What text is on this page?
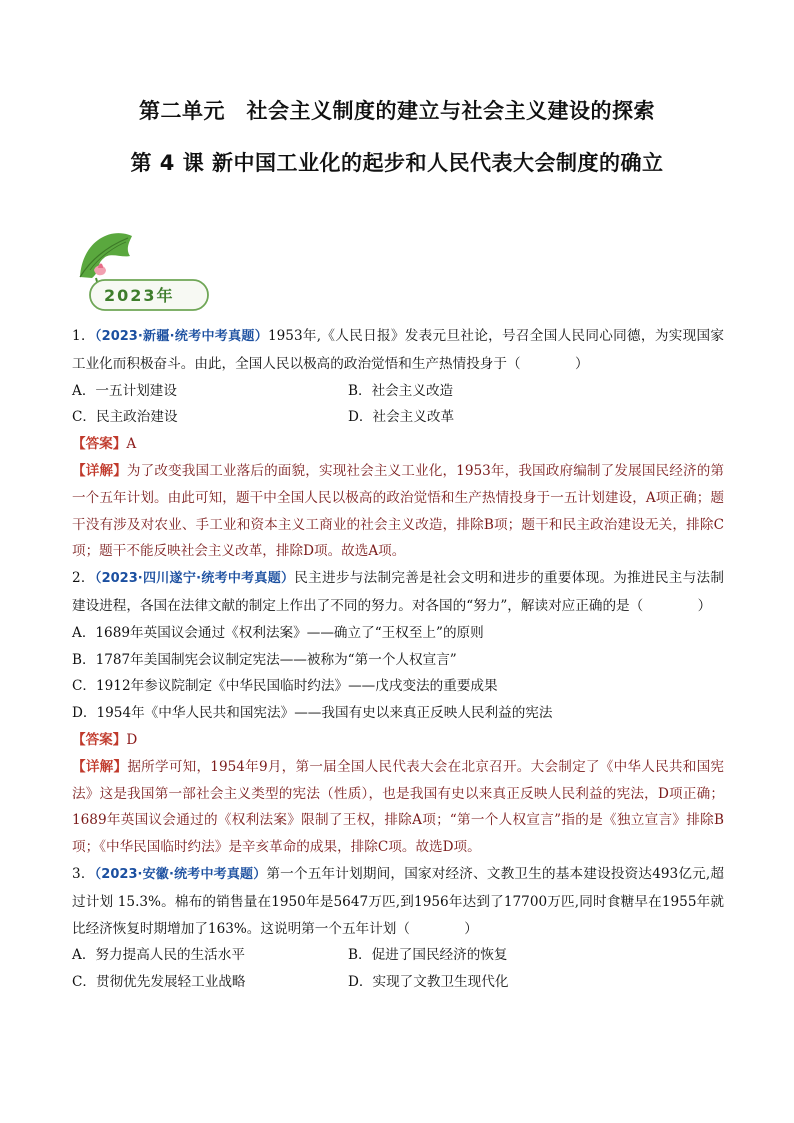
第二单元　社会主义制度的建立与社会主义建设的探索
第 4 课 新中国工业化的起步和人民代表大会制度的确立
2023年

1．（2023·新疆·统考中考真题）1953年,《人民日报》发表元旦社论，号召全国人民同心同德，为实现国家工业化而积极奋斗。由此，全国人民以极高的政治觉悟和生产热情投身于（　　　　）

A．一五计划建设	B．社会主义改造
C．民主政治建设	D．社会主义改革

【答案】A

【详解】为了改变我国工业落后的面貌，实现社会主义工业化，1953年，我国政府编制了发展国民经济的第一个五年计划。由此可知，题干中全国人民以极高的政治觉悟和生产热情投身于一五计划建设，A项正确；题干没有涉及对农业、手工业和资本主义工商业的社会主义改造，排除B项；题干和民主政治建设无关，排除C项；题干不能反映社会主义改革，排除D项。故选A项。

2．（2023·四川遂宁·统考中考真题）民主进步与法制完善是社会文明和进步的重要体现。为推进民主与法制建设进程，各国在法律文献的制定上作出了不同的努力。对各国的“努力”，解读对应正确的是（　　　　）

A．1689年英国议会通过《权利法案》——确立了“王权至上”的原则
B．1787年美国制宪会议制定宪法——被称为“第一个人权宣言”
C．1912年参议院制定《中华民国临时约法》——戊戌变法的重要成果
D．1954年《中华人民共和国宪法》——我国有史以来真正反映人民利益的宪法

【答案】D

【详解】据所学可知，1954年9月，第一届全国人民代表大会在北京召开。大会制定了《中华人民共和国宪法》这是我国第一部社会主义类型的宪法（性质），也是我国有史以来真正反映人民利益的宪法，D项正确；1689年英国议会通过的《权利法案》限制了王权，排除A项；“第一个人权宣言”指的是《独立宣言》排除B项；《中华民国临时约法》是辛亥革命的成果，排除C项。故选D项。

3．（2023·安徽·统考中考真题）第一个五年计划期间，国家对经济、文教卫生的基本建设投资达493亿元,超过计划 15.3%。棉布的销售量在1950年是5647万匹,到1956年达到了17700万匹,同时食糖早在1955年就比经济恢复时期增加了163%。这说明第一个五年计划（　　　　）

A．努力提高人民的生活水平	B．促进了国民经济的恢复
C．贯彻优先发展轻工业战略	D．实现了文教卫生现代化
